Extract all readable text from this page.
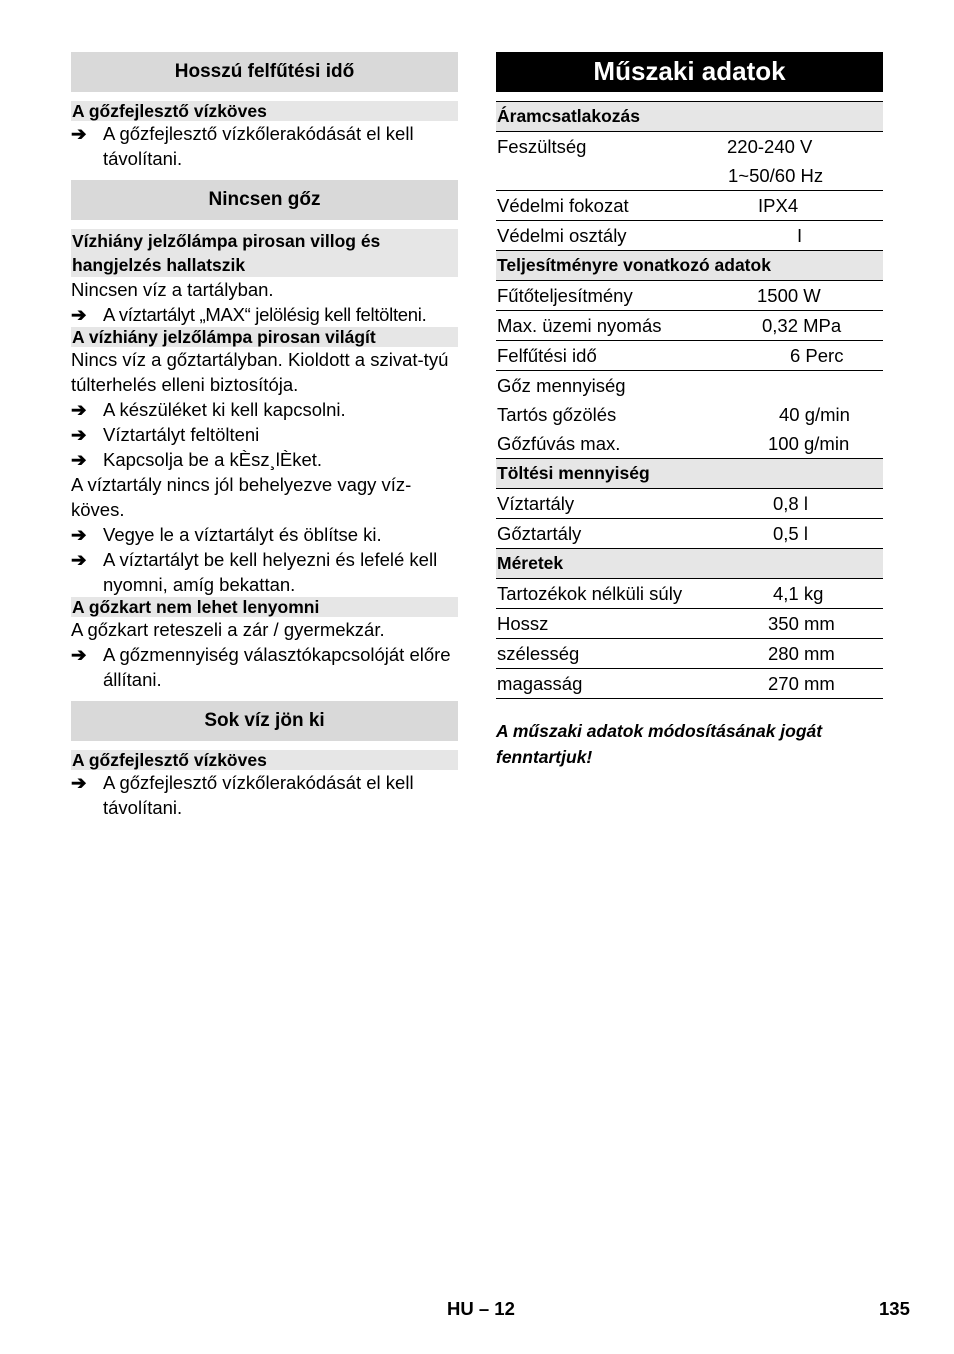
Hosszú felfűtési idő
A gőzfejlesztő vízköves
➔ A gőzfejlesztő vízkőlerakódását el kell távolítani.
Nincsen gőz
Vízhiány jelzőlámpa pirosan villog és hangjelzés hallatszik
Nincsen víz a tartályban.
➔ A víztartályt „MAX“ jelölésig kell feltölteni.
A vízhiány jelzőlámpa pirosan világít
Nincs víz a gőztartályban. Kioldott a szivat-tyú túlterhelés elleni biztosítója.
➔ A készüléket ki kell kapcsolni.
➔ Víztartályt feltölteni
➔ Kapcsolja be a kÈsz¸lÈket.
A víztartály nincs jól behelyezve vagy víz-köves.
➔ Vegye le a víztartályt és öblítse ki.
➔ A víztartályt be kell helyezni és lefelé kell nyomni, amíg bekattan.
A gőzkart nem lehet lenyomni
A gőzkart reteszeli a zár / gyermekzár.
➔ A gőzmennyiség választókapcsolóját előre állítani.
Sok víz jön ki
A gőzfejlesztő vízköves
➔ A gőzfejlesztő vízkőlerakódását el kell távolítani.
Műszaki adatok
Áramcsatlakozás	
Feszültség	220-240 V
	1~50/60 Hz
Védelmi fokozat	IPX4
Védelmi osztály	I
Teljesítményre vonatkozó adatok	
Fűtőteljesítmény	1500 W
Max. üzemi nyomás	0,32 MPa
Felfűtési idő	6 Perc
Gőz mennyiség	
Tartós gőzölés	40 g/min
Gőzfúvás max.	100 g/min
Töltési mennyiség	
Víztartály	0,8 l
Gőztartály	0,5 l
Méretek	
Tartozékok nélküli súly	4,1 kg
Hossz	350 mm
szélesség	280 mm
magasság	270 mm
A műszaki adatok módosításának jogát fenntartjuk!
HU – 12	135
